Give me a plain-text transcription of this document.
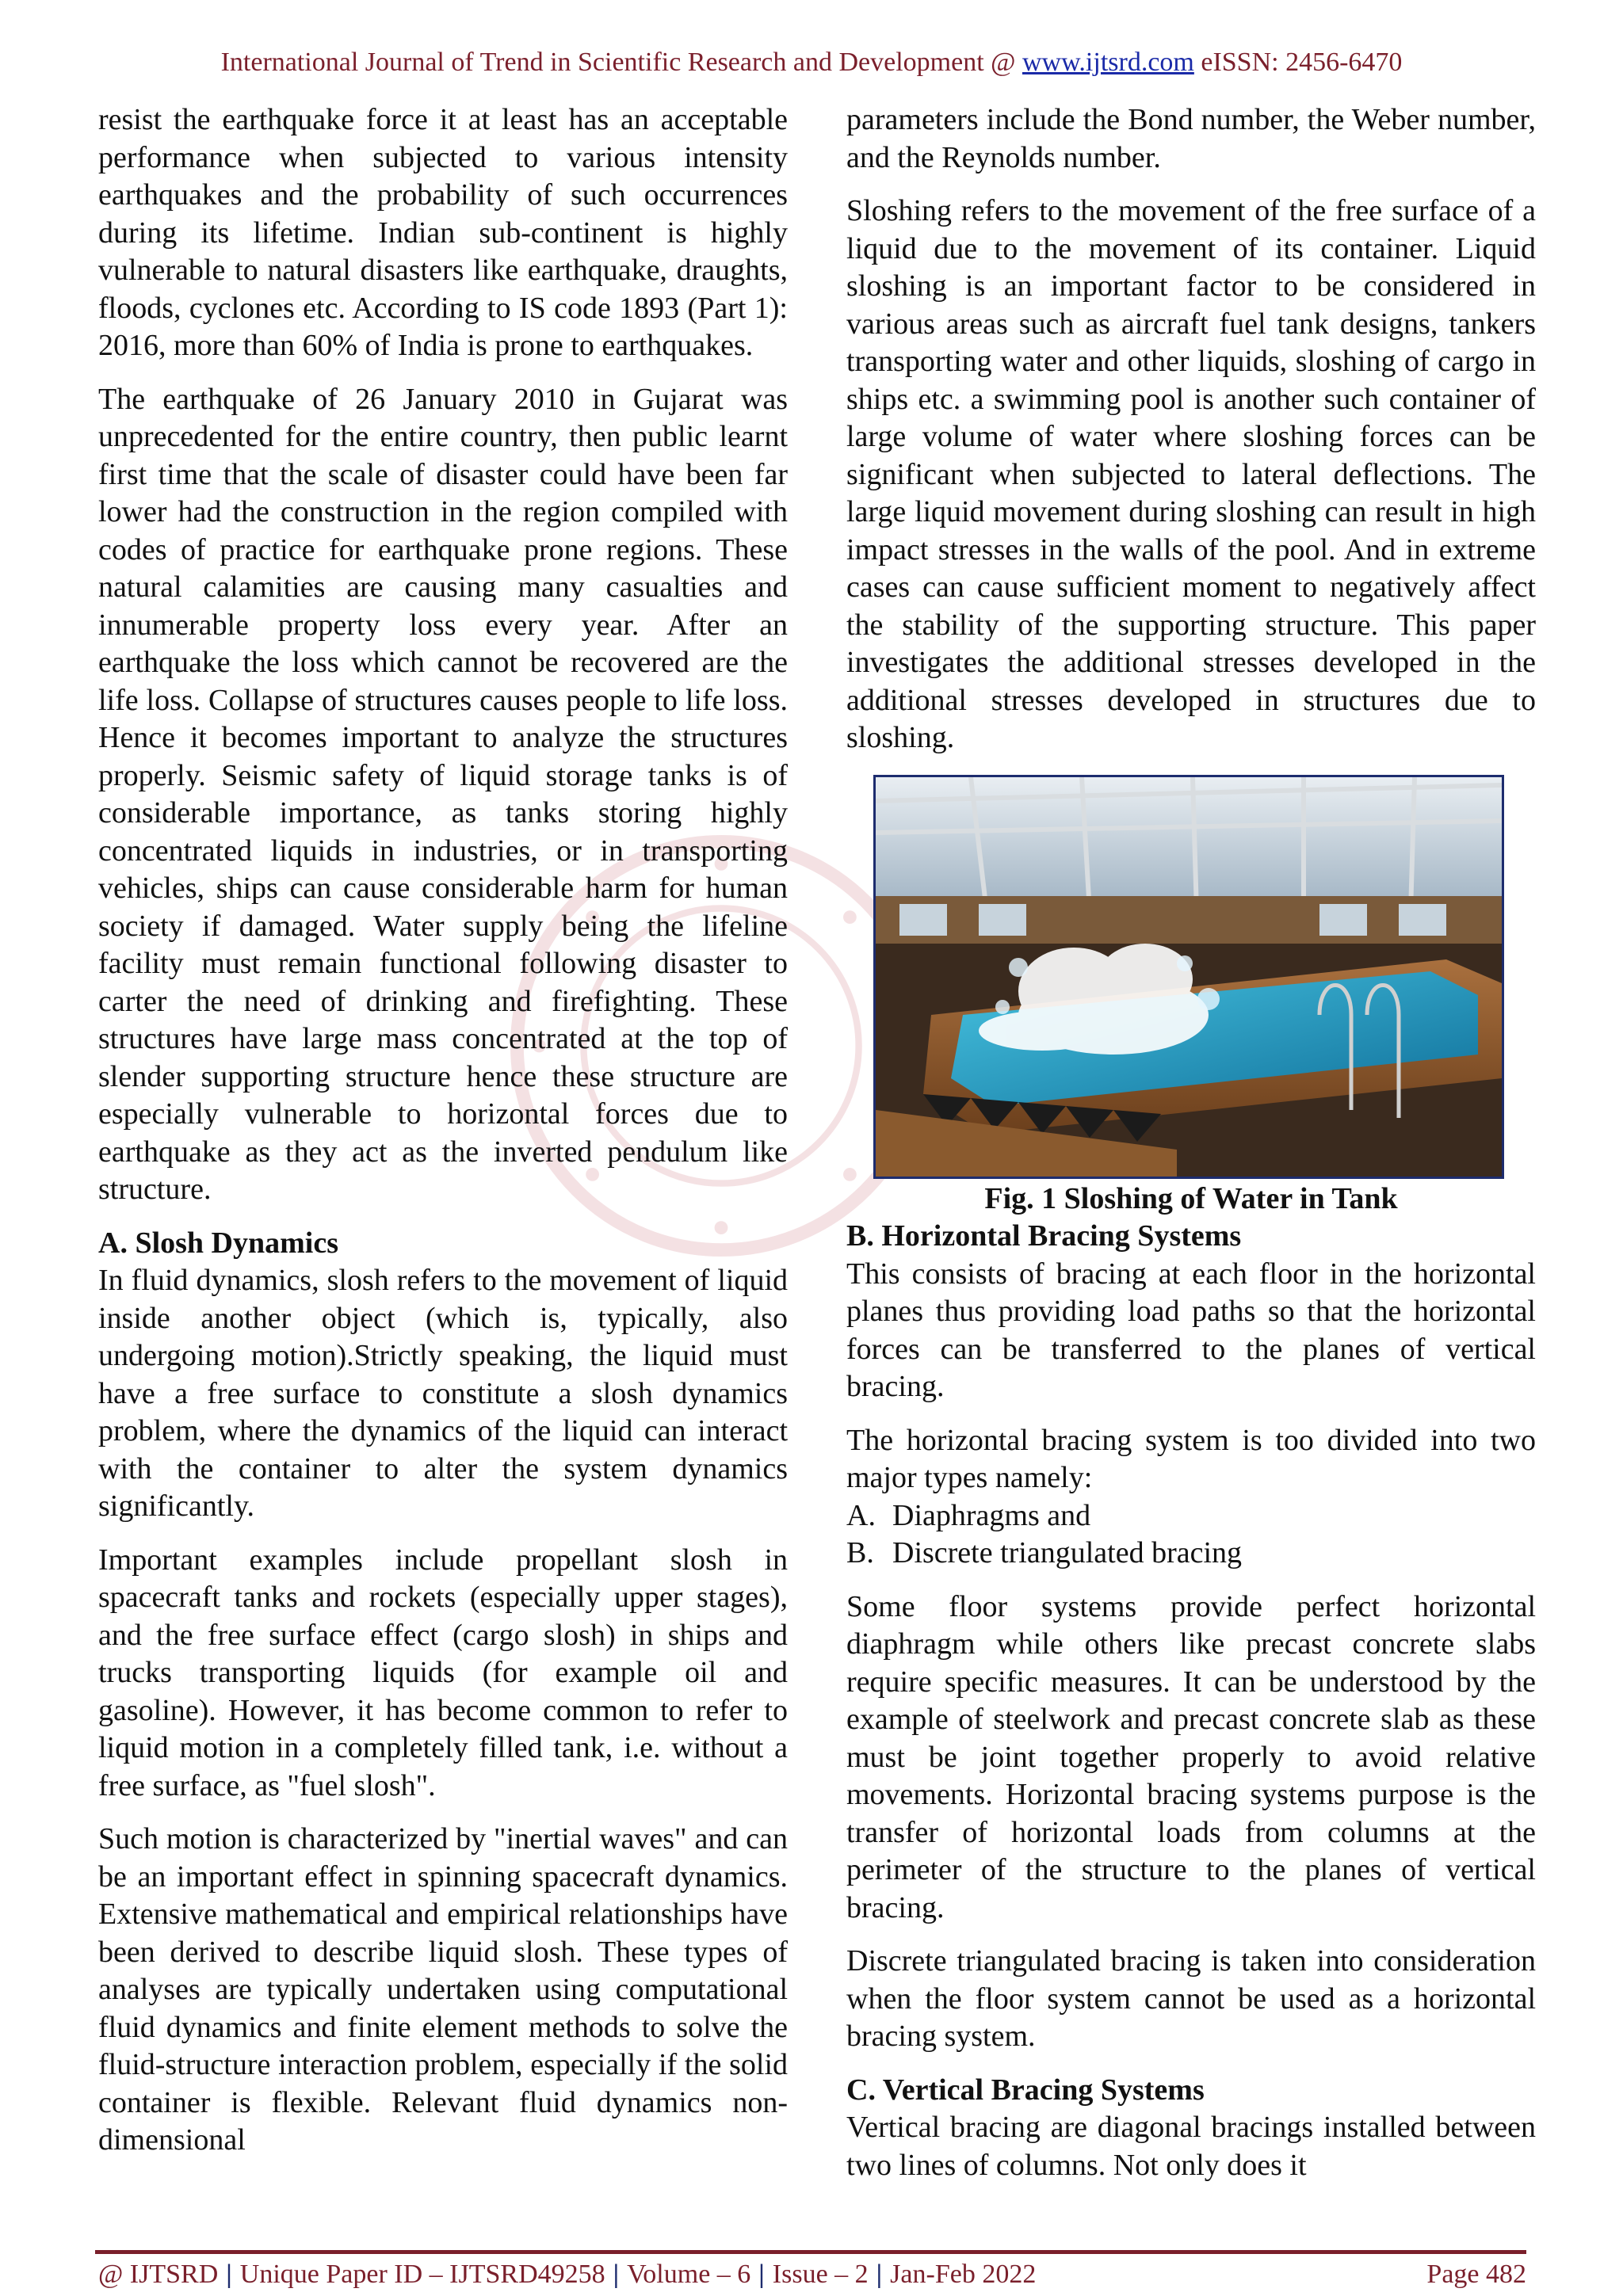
International Journal of Trend in Scientific Research and Development @ www.ijtsrd.com eISSN: 2456-6470

resist the earthquake force it at least has an acceptable performance when subjected to various intensity earthquakes and the probability of such occurrences during its lifetime. Indian sub-continent is highly vulnerable to natural disasters like earthquake, draughts, floods, cyclones etc. According to IS code 1893 (Part 1): 2016, more than 60% of India is prone to earthquakes.

The earthquake of 26 January 2010 in Gujarat was unprecedented for the entire country, then public learnt first time that the scale of disaster could have been far lower had the construction in the region compiled with codes of practice for earthquake prone regions. These natural calamities are causing many casualties and innumerable property loss every year. After an earthquake the loss which cannot be recovered are the life loss. Collapse of structures causes people to life loss. Hence it becomes important to analyze the structures properly. Seismic safety of liquid storage tanks is of considerable importance, as tanks storing highly concentrated liquids in industries, or in transporting vehicles, ships can cause considerable harm for human society if damaged. Water supply being the lifeline facility must remain functional following disaster to carter the need of drinking and firefighting. These structures have large mass concentrated at the top of slender supporting structure hence these structure are especially vulnerable to horizontal forces due to earthquake as they act as the inverted pendulum like structure.

A. Slosh Dynamics

In fluid dynamics, slosh refers to the movement of liquid inside another object (which is, typically, also undergoing motion).Strictly speaking, the liquid must have a free surface to constitute a slosh dynamics problem, where the dynamics of the liquid can interact with the container to alter the system dynamics significantly.

Important examples include propellant slosh in spacecraft tanks and rockets (especially upper stages), and the free surface effect (cargo slosh) in ships and trucks transporting liquids (for example oil and gasoline). However, it has become common to refer to liquid motion in a completely filled tank, i.e. without a free surface, as "fuel slosh".

Such motion is characterized by "inertial waves" and can be an important effect in spinning spacecraft dynamics. Extensive mathematical and empirical relationships have been derived to describe liquid slosh. These types of analyses are typically undertaken using computational fluid dynamics and finite element methods to solve the fluid-structure interaction problem, especially if the solid container is flexible. Relevant fluid dynamics non-dimensional

parameters include the Bond number, the Weber number, and the Reynolds number.

Sloshing refers to the movement of the free surface of a liquid due to the movement of its container. Liquid sloshing is an important factor to be considered in various areas such as aircraft fuel tank designs, tankers transporting water and other liquids, sloshing of cargo in ships etc. a swimming pool is another such container of large volume of water where sloshing forces can be significant when subjected to lateral deflections. The large liquid movement during sloshing can result in high impact stresses in the walls of the pool. And in extreme cases can cause sufficient moment to negatively affect the stability of the supporting structure. This paper investigates the additional stresses developed in the additional stresses developed in structures due to sloshing.

Fig. 1 Sloshing of Water in Tank
B. Horizontal Bracing Systems

This consists of bracing at each floor in the horizontal planes thus providing load paths so that the horizontal forces can be transferred to the planes of vertical bracing.

The horizontal bracing system is too divided into two major types namely:

A. Diaphragms and
B. Discrete triangulated bracing

Some floor systems provide perfect horizontal diaphragm while others like precast concrete slabs require specific measures. It can be understood by the example of steelwork and precast concrete slab as these must be joint together properly to avoid relative movements. Horizontal bracing systems purpose is the transfer of horizontal loads from columns at the perimeter of the structure to the planes of vertical bracing.

Discrete triangulated bracing is taken into consideration when the floor system cannot be used as a horizontal bracing system.

C. Vertical Bracing Systems

Vertical bracing are diagonal bracings installed between two lines of columns. Not only does it

@ IJTSRD | Unique Paper ID – IJTSRD49258 | Volume – 6 | Issue – 2 | Jan-Feb 2022	Page 482
